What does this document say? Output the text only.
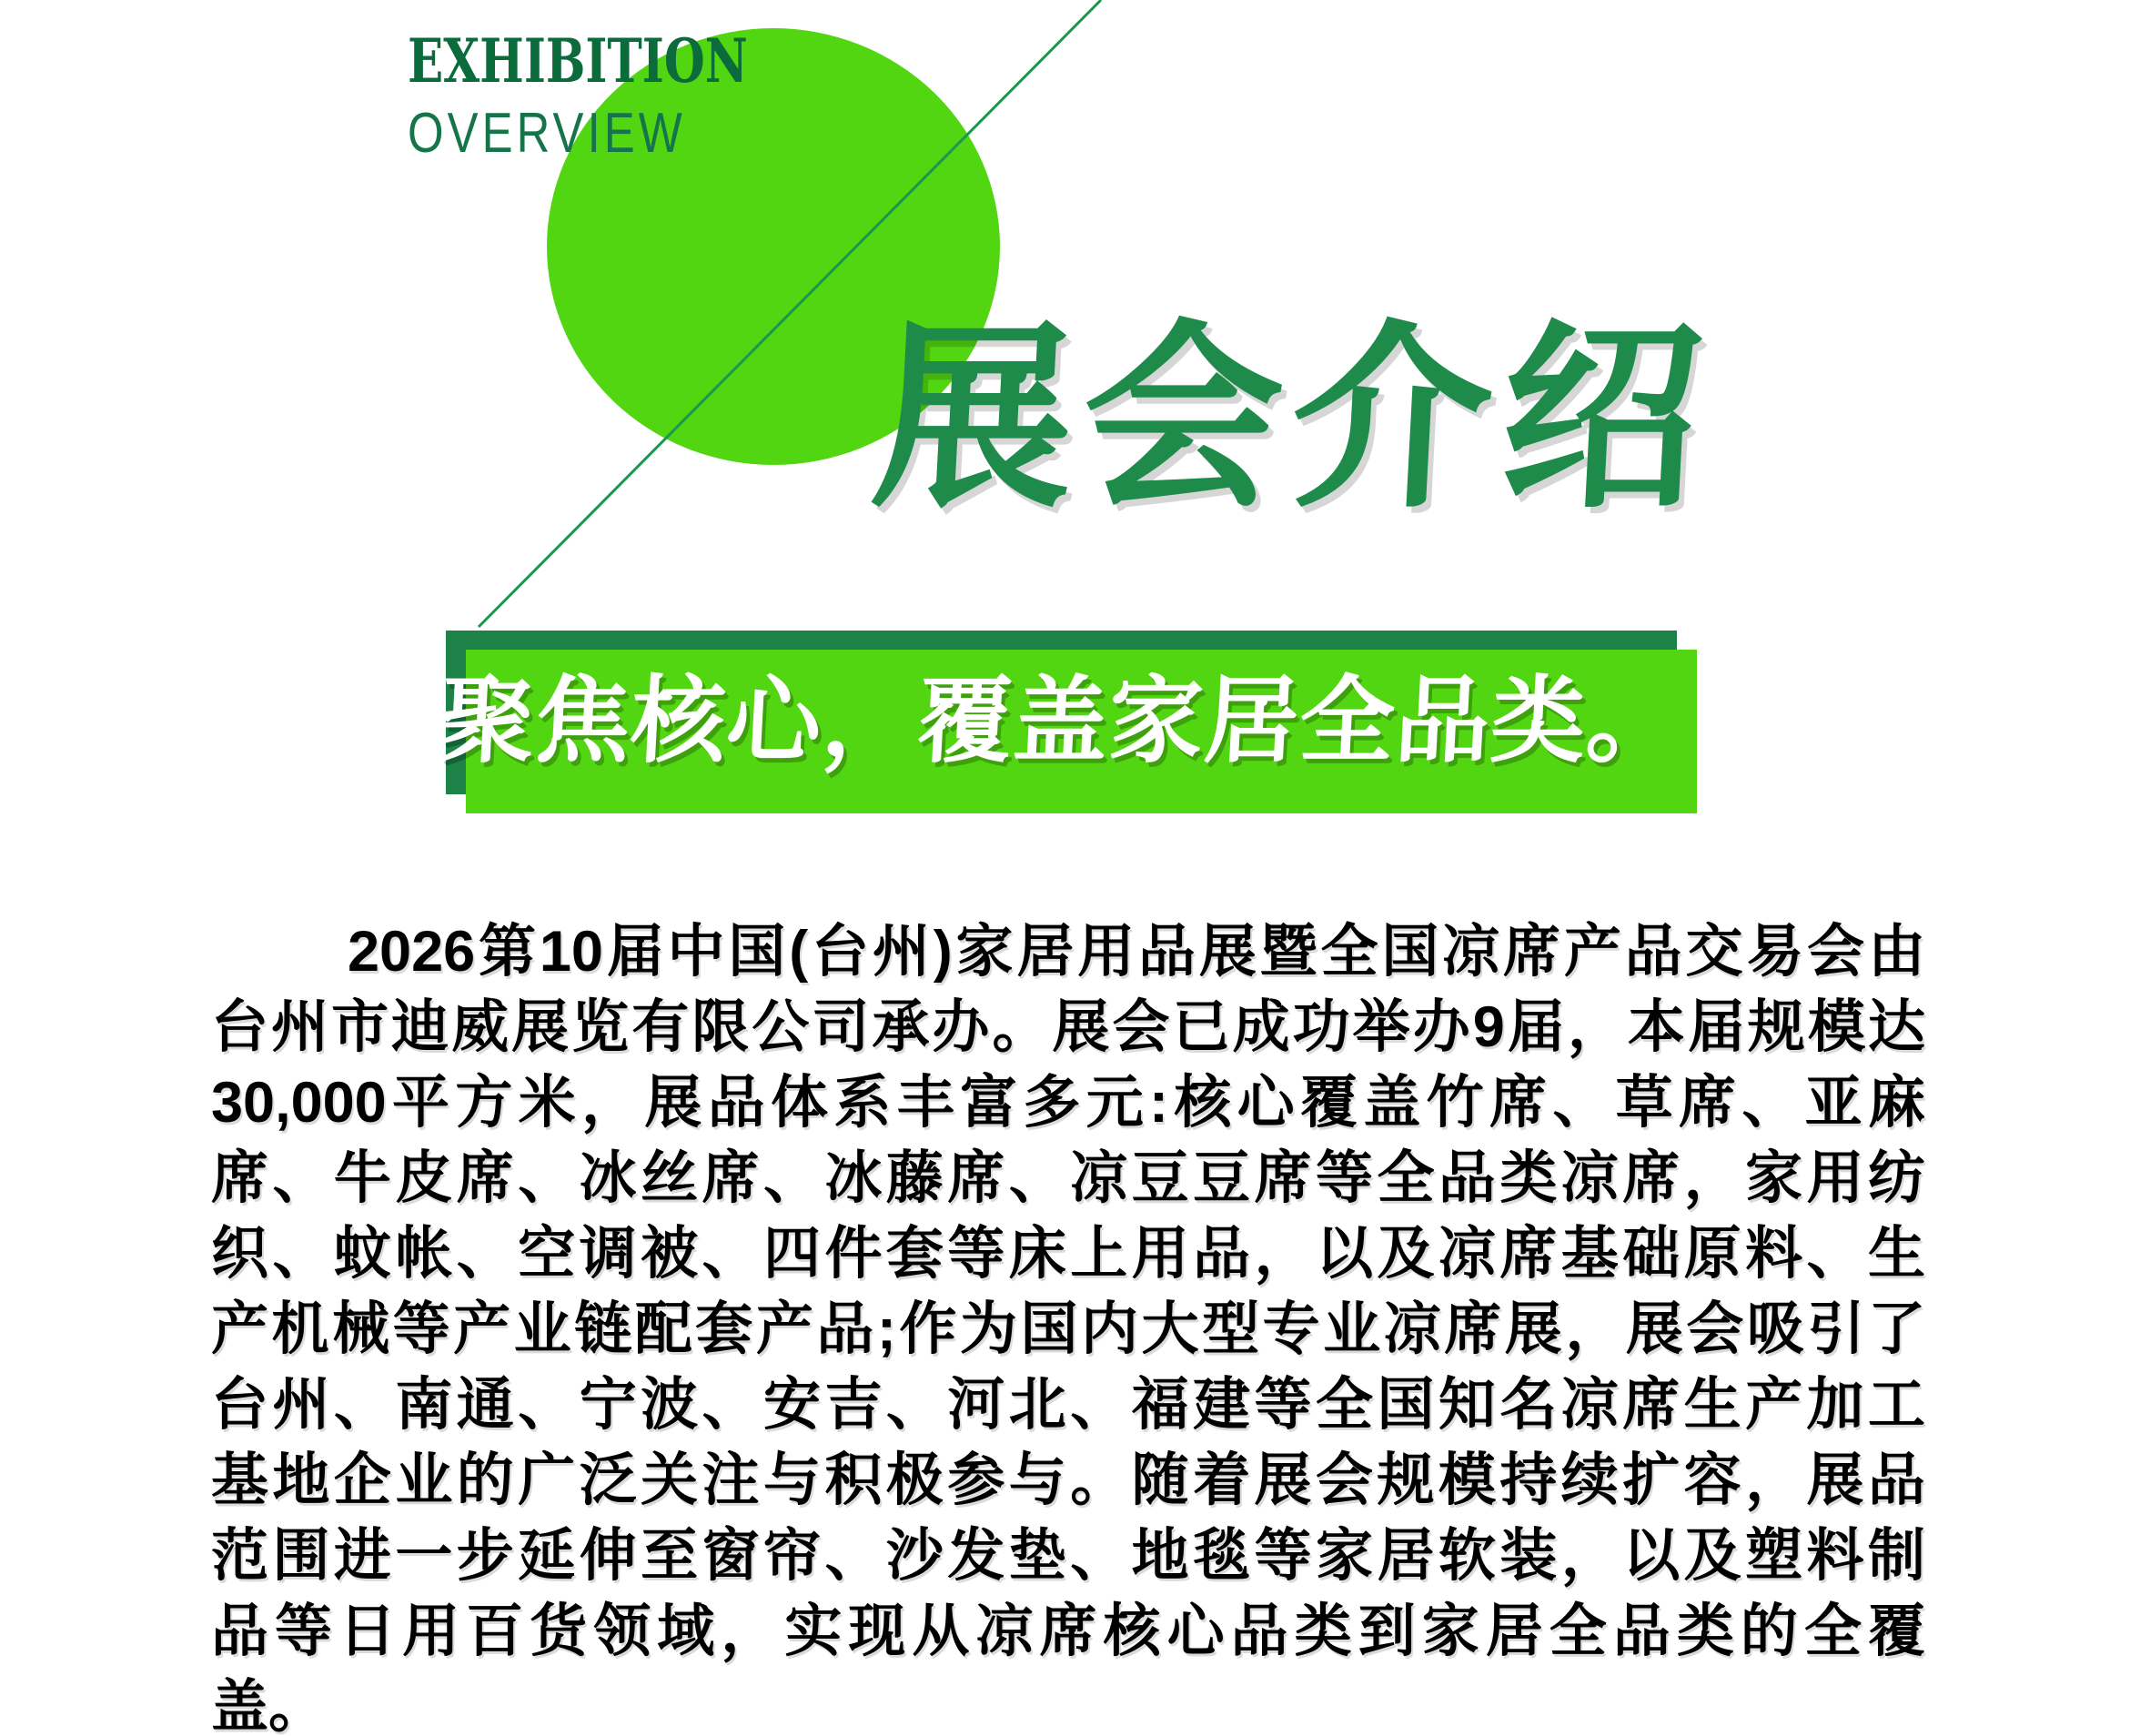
EXHIBITION
OVERVIEW
展会介绍
聚焦核心，覆盖家居全品类。
2026第10届中国(台州)家居用品展暨全国凉席产品交易会由
台州市迪威展览有限公司承办。展会已成功举办9届，本届规模达
30,000平方米，展品体系丰富多元:核心覆盖竹席、草席、亚麻
席、牛皮席、冰丝席、冰藤席、凉豆豆席等全品类凉席，家用纺
织、蚊帐、空调被、四件套等床上用品，以及凉席基础原料、生
产机械等产业链配套产品;作为国内大型专业凉席展，展会吸引了
台州、南通、宁波、安吉、河北、福建等全国知名凉席生产加工
基地企业的广泛关注与积极参与。随着展会规模持续扩容，展品
范围进一步延伸至窗帘、沙发垫、地毯等家居软装，以及塑料制
品等日用百货领域，实现从凉席核心品类到家居全品类的全覆
盖。
